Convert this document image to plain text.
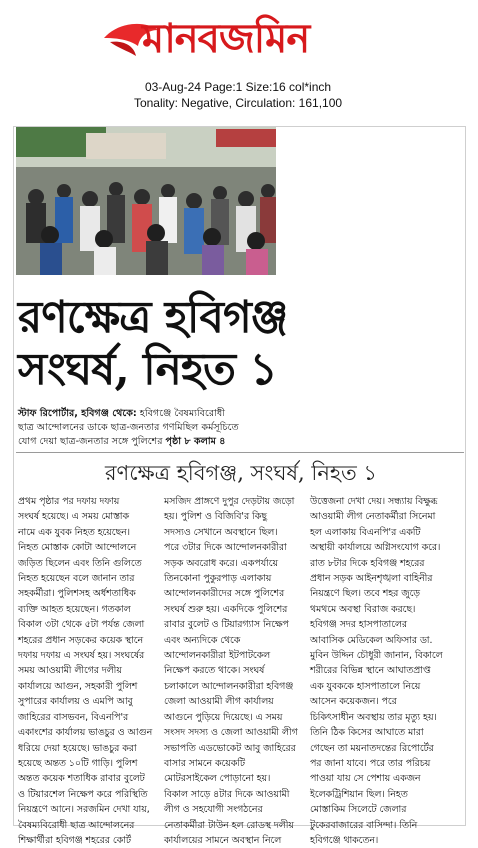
মানবজমিন
03-Aug-24 Page:1 Size:16 col*inch
Tonality: Negative, Circulation: 161,100
রণক্ষেত্র হবিগঞ্জ
সংঘর্ষ, নিহত ১
স্টাফ রিপোর্টার, হবিগঞ্জ থেকে: হবিগঞ্জে বৈষম্যবিরোধী
ছাত্র আন্দোলনের ডাকে ছাত্র-জনতার গণমিছিল কর্মসূচিতে
যোগ দেয়া ছাত্র-জনতার সঙ্গে পুলিশের পৃষ্ঠা ৮ কলাম ৪
রণক্ষেত্র হবিগঞ্জ, সংঘর্ষ, নিহত ১
প্রথম পৃষ্ঠার পর দফায় দফায়
সংঘর্ষ হয়েছে। এ সময় মোস্তাক
নামে এক যুবক নিহত হয়েছেন।
নিহত মোস্তাক কোটা আন্দোলনে
জড়িত ছিলেন এবং তিনি গুলিতে
নিহত হয়েছেন বলে জানান তার
সহকর্মীরা। পুলিশসহ অর্ধশতাধিক
ব্যক্তি আহত হয়েছেন। গতকাল
বিকাল ৩টা থেকে ৫টা পর্যন্ত জেলা
শহরের প্রধান সড়কের কয়েক স্থানে
দফায় দফায় এ সংঘর্ষ হয়। সংঘর্ষের
সময় আওয়ামী লীগের দলীয়
কার্যালয়ে আগুন, সহকারী পুলিশ
সুপারের কার্যালয় ও এমপি আবু
জাহিরের বাসভবন, বিএনপি'র
একাংশের কার্যালয় ভাঙচুর ও আগুন
ধরিয়ে দেয়া হয়েছে। ভাঙচুর করা
হয়েছে অন্তত ১০টি গাড়ি। পুলিশ
অন্তত কয়েক শতাধিক রাবার বুলেট
ও টিয়ারশেল নিক্ষেপ করে পরিস্থিতি
নিয়ন্ত্রণে আনে। সরজমিন দেখা যায়,
বৈষম্যবিরোধী ছাত্র আন্দোলনের
শিক্ষার্থীরা হবিগঞ্জ শহরের কোর্ট
মসজিদ প্রাঙ্গণে দুপুর দেড়টায় জড়ো
হয়। পুলিশ ও বিজিবি'র কিছু
সদস্যও সেখানে অবস্থানে ছিল।
পরে ৩টার দিকে আন্দোলনকারীরা
সড়ক অবরোধ করে। একপর্যায়ে
তিনকোনা পুকুরপাড় এলাকায়
আন্দোলনকারীদের সঙ্গে পুলিশের
সংঘর্ষ শুরু হয়। একদিকে পুলিশের
রাবার বুলেট ও টিয়ারগ্যাস নিক্ষেপ
এবং অন্যদিকে থেকে
আন্দোলনকারীরা ইটপাটকেল
নিক্ষেপ করতে থাকে। সংঘর্ষ
চলাকালে আন্দোলনকারীরা হবিগঞ্জ
জেলা আওয়ামী লীগ কার্যালয়
আগুনে পুড়িয়ে দিয়েছে। এ সময়
সংসদ সদস্য ও জেলা আওয়ামী লীগ
সভাপতি এডভোকেট আবু জাহিরের
বাসার সামনে কয়েকটি
মোটরসাইকেল পোড়ানো হয়।
বিকাল সাড়ে ৪টার দিকে আওয়ামী
লীগ ও সহযোগী সংগঠনের
নেতাকর্মীরা টাউন হল রোডস্থ দলীয়
কার্যালয়ের সামনে অবস্থান নিলে
উত্তেজনা দেখা দেয়। সন্ধ্যায় বিক্ষুব্ধ
আওয়ামী লীগ নেতাকর্মীরা সিনেমা
হল এলাকায় বিএনপি'র একটি
অস্থায়ী কার্যালয়ে অগ্নিসংযোগ করে।
রাত ৮টার দিকে হবিগঞ্জ শহরের
প্রধান সড়ক আইনশৃঙ্খলা বাহিনীর
নিয়ন্ত্রণে ছিল। তবে শহর জুড়ে
থমথমে অবস্থা বিরাজ করছে।
হবিগঞ্জ সদর হাসপাতালের
আবাসিক মেডিকেল অফিসার ডা.
মুবিন উদ্দিন চৌধুরী জানান, বিকালে
শরীরের বিভিন্ন স্থানে আঘাতপ্রাপ্ত
এক যুবককে হাসপাতালে নিয়ে
আসেন কয়েকজন। পরে
চিকিৎসাধীন অবস্থায় তার মৃত্যু হয়।
তিনি ঠিক কিসের আঘাতে মারা
গেছেন তা ময়নাতদন্তের রিপোর্টের
পর জানা যাবে। পরে তার পরিচয়
পাওয়া যায় সে পেশায় একজন
ইলেকট্রিশিয়ান ছিল। নিহত
মোস্তাকিম সিলেটে জেলার
টুকেরবাজারের বাসিন্দা। তিনি
হবিগঞ্জে থাকতেন।
